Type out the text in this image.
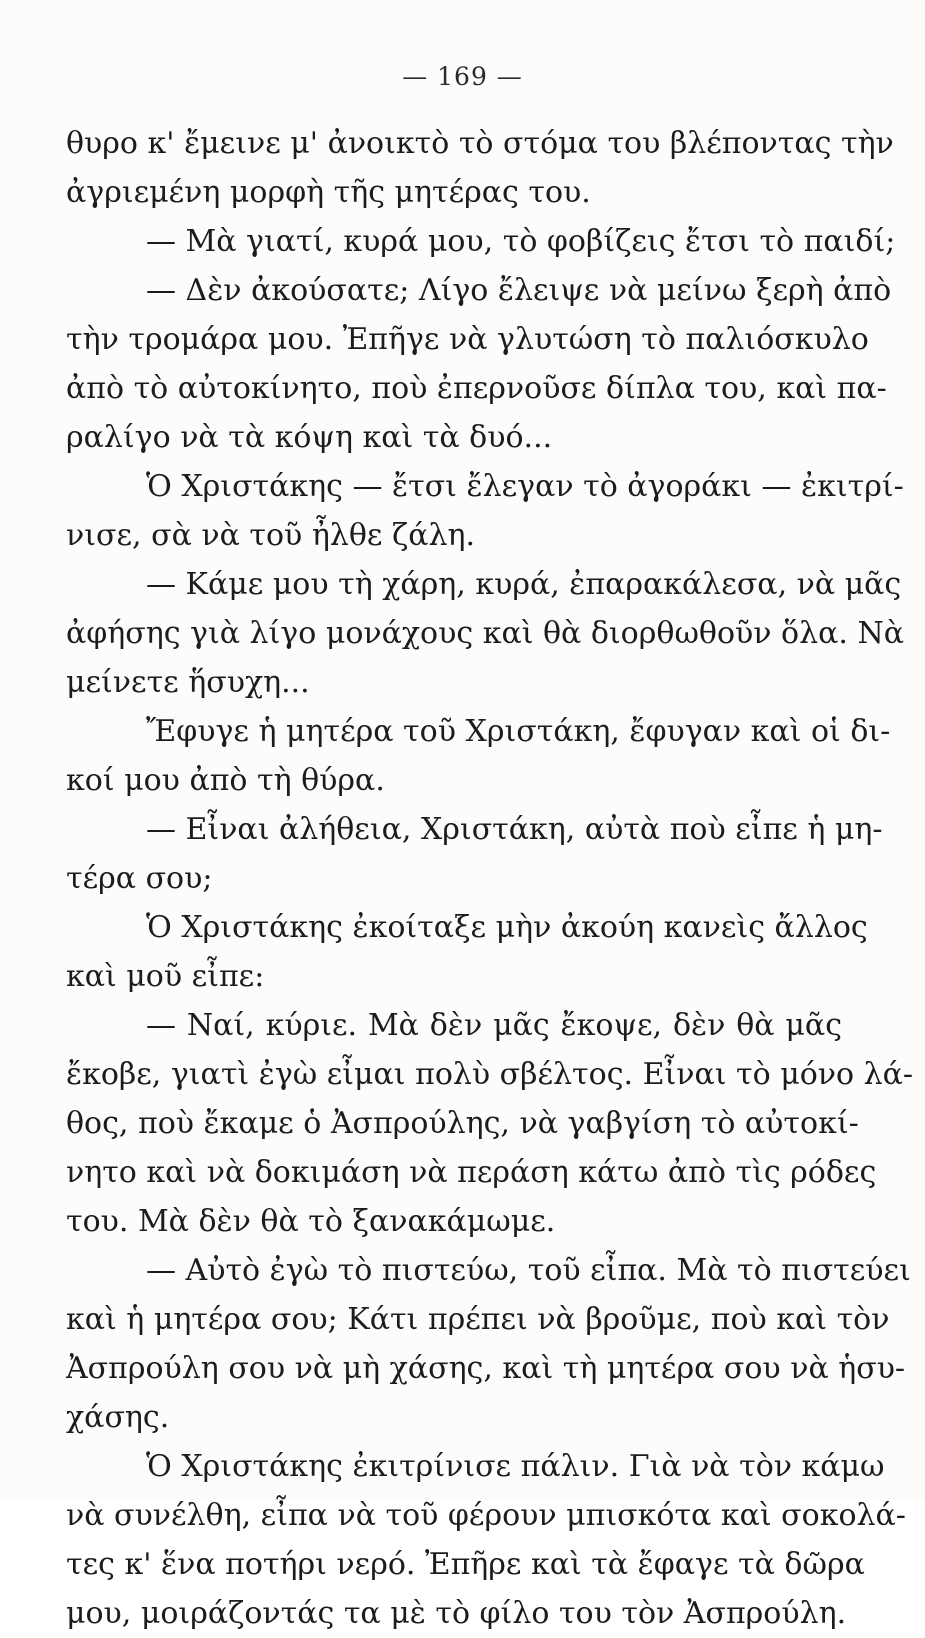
— 169 —
θυρο κ' ἔμεινε μ' ἀνοικτὸ τὸ στόμα του βλέποντας τὴν
ἀγριεμένη μορφὴ τῆς μητέρας του.
— Μὰ γιατί, κυρά μου, τὸ φοβίζεις ἔτσι τὸ παιδί;
— Δὲν ἀκούσατε; Λίγο ἔλειψε νὰ μείνω ξερὴ ἀπὸ
τὴν τρομάρα μου. Ἐπῆγε νὰ γλυτώση τὸ παλιόσκυλο
ἀπὸ τὸ αὐτοκίνητο, ποὺ ἐπερνοῦσε δίπλα του, καὶ πα-
ραλίγο νὰ τὰ κόψη καὶ τὰ δυό...
Ὁ Χριστάκης — ἔτσι ἔλεγαν τὸ ἀγοράκι — ἐκιτρί-
νισε, σὰ νὰ τοῦ ἦλθε ζάλη.
— Κάμε μου τὴ χάρη, κυρά, ἐπαρακάλεσα, νὰ μᾶς
ἀφήσης γιὰ λίγο μονάχους καὶ θὰ διορθωθοῦν ὅλα. Νὰ
μείνετε ἥσυχη...
Ἔφυγε ἡ μητέρα τοῦ Χριστάκη, ἔφυγαν καὶ οἱ δι-
κοί μου ἀπὸ τὴ θύρα.
— Εἶναι ἀλήθεια, Χριστάκη, αὐτὰ ποὺ εἶπε ἡ μη-
τέρα σου;
Ὁ Χριστάκης ἐκοίταξε μὴν ἀκούη κανεὶς ἄλλος
καὶ μοῦ εἶπε:
— Ναί, κύριε. Μὰ δὲν μᾶς ἔκοψε, δὲν θὰ μᾶς
ἔκοβε, γιατὶ ἐγὼ εἶμαι πολὺ σβέλτος. Εἶναι τὸ μόνο λά-
θος, ποὺ ἔκαμε ὁ Ἀσπρούλης, νὰ γαβγίση τὸ αὐτοκί-
νητο καὶ νὰ δοκιμάση νὰ περάση κάτω ἀπὸ τὶς ρόδες
του. Μὰ δὲν θὰ τὸ ξανακάμωμε.
— Αὐτὸ ἐγὼ τὸ πιστεύω, τοῦ εἶπα. Μὰ τὸ πιστεύει
καὶ ἡ μητέρα σου; Κάτι πρέπει νὰ βροῦμε, ποὺ καὶ τὸν
Ἀσπρούλη σου νὰ μὴ χάσης, καὶ τὴ μητέρα σου νὰ ἡσυ-
χάσης.
Ὁ Χριστάκης ἐκιτρίνισε πάλιν. Γιὰ νὰ τὸν κάμω
νὰ συνέλθη, εἶπα νὰ τοῦ φέρουν μπισκότα καὶ σοκολά-
τες κ' ἕνα ποτήρι νερό. Ἐπῆρε καὶ τὰ ἔφαγε τὰ δῶρα
μου, μοιράζοντάς τα μὲ τὸ φίλο του τὸν Ἀσπρούλη.
